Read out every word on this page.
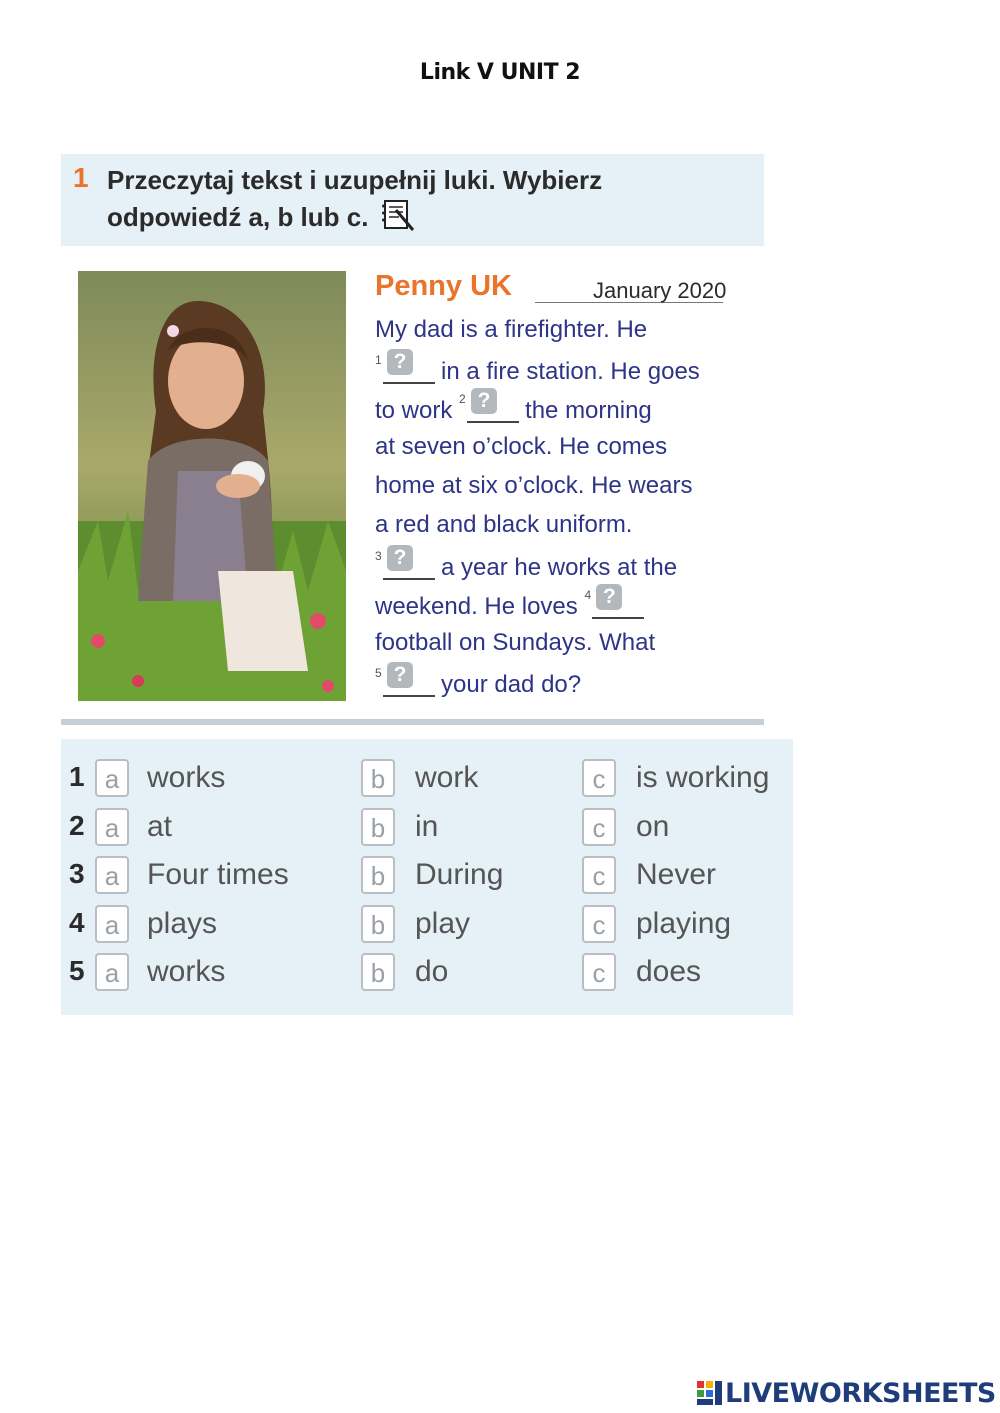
Link V UNIT 2
1 Przeczytaj tekst i uzupełnij luki. Wybierz
odpowiedź a, b lub c.
Penny UK	January 2020
My dad is a firefighter. He
1 ? in a fire station. He goes
to work 2 ? the morning
at seven o’clock. He comes
home at six o’clock. He wears
a red and black uniform.
3 ? a year he works at the
weekend. He loves 4 ?
football on Sundays. What
5 ? your dad do?
1 a works	b work	c	is working
2 a at	b in	c	on
3 a Four times	b During	c	Never
4 a plays	b play	c	playing
5 a works	b do	c	does
LIVEWORKSHEETS
